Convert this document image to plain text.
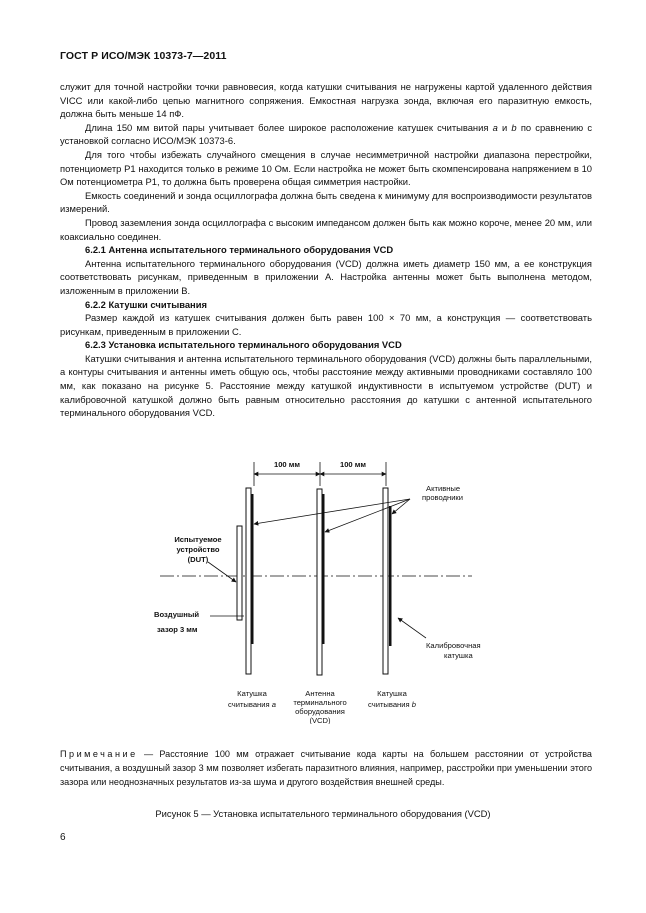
ГОСТ Р ИСО/МЭК 10373-7—2011

служит для точной настройки точки равновесия, когда катушки считывания не нагружены картой удаленного действия VICC или какой-либо цепью магнитного сопряжения. Емкостная нагрузка зонда, включая его паразитную емкость, должна быть меньше 14 пФ.

Длина 150 мм витой пары учитывает более широкое расположение катушек считывания a и b по сравнению с установкой согласно ИСО/МЭК 10373-6.

Для того чтобы избежать случайного смещения в случае несимметричной настройки диапазона перестройки, потенциометр Р1 находится только в режиме 10 Ом. Если настройка не может быть скомпенсирована напряжением в 10 Ом потенциометра Р1, то должна быть проверена общая симметрия настройки.

Емкость соединений и зонда осциллографа должна быть сведена к минимуму для воспроизводимости результатов измерений.

Провод заземления зонда осциллографа с высоким импедансом должен быть как можно короче, менее 20 мм, или коаксиально соединен.

6.2.1 Антенна испытательного терминального оборудования VCD

Антенна испытательного терминального оборудования (VCD) должна иметь диаметр 150 мм, а ее конструкция соответствовать рисункам, приведенным в приложении А. Настройка антенны может быть выполнена методом, изложенным в приложении В.

6.2.2 Катушки считывания

Размер каждой из катушек считывания должен быть равен 100 × 70 мм, а конструкция — соответствовать рисункам, приведенным в приложении С.

6.2.3 Установка испытательного терминального оборудования VCD

Катушки считывания и антенна испытательного терминального оборудования (VCD) должны быть параллельными, а контуры считывания и антенны иметь общую ось, чтобы расстояние между активными проводниками составляло 100 мм, как показано на рисунке 5. Расстояние между катушкой индуктивности в испытуемом устройстве (DUT) и калибровочной катушкой должно быть равным относительно расстояния до катушки с антенной испытательного терминального оборудования VCD.

100 мм	100 мм
Активные
проводники
Испытуемое
устройство
(DUT)
Воздушный
зазор 3 мм
Калибровочная
катушка
Катушка
считывания а
Антенна
терминального
оборудования
(VCD)
Катушка
считывания b
Примечание — Расстояние 100 мм отражает считывание кода карты на большем расстоянии от устройства считывания, а воздушный зазор 3 мм позволяет избегать паразитного влияния, например, расстройки при уменьшении этого зазора или неоднозначных результатов из-за шума и другого воздействия внешней среды.
Рисунок 5 — Установка испытательного терминального оборудования (VCD)
6
